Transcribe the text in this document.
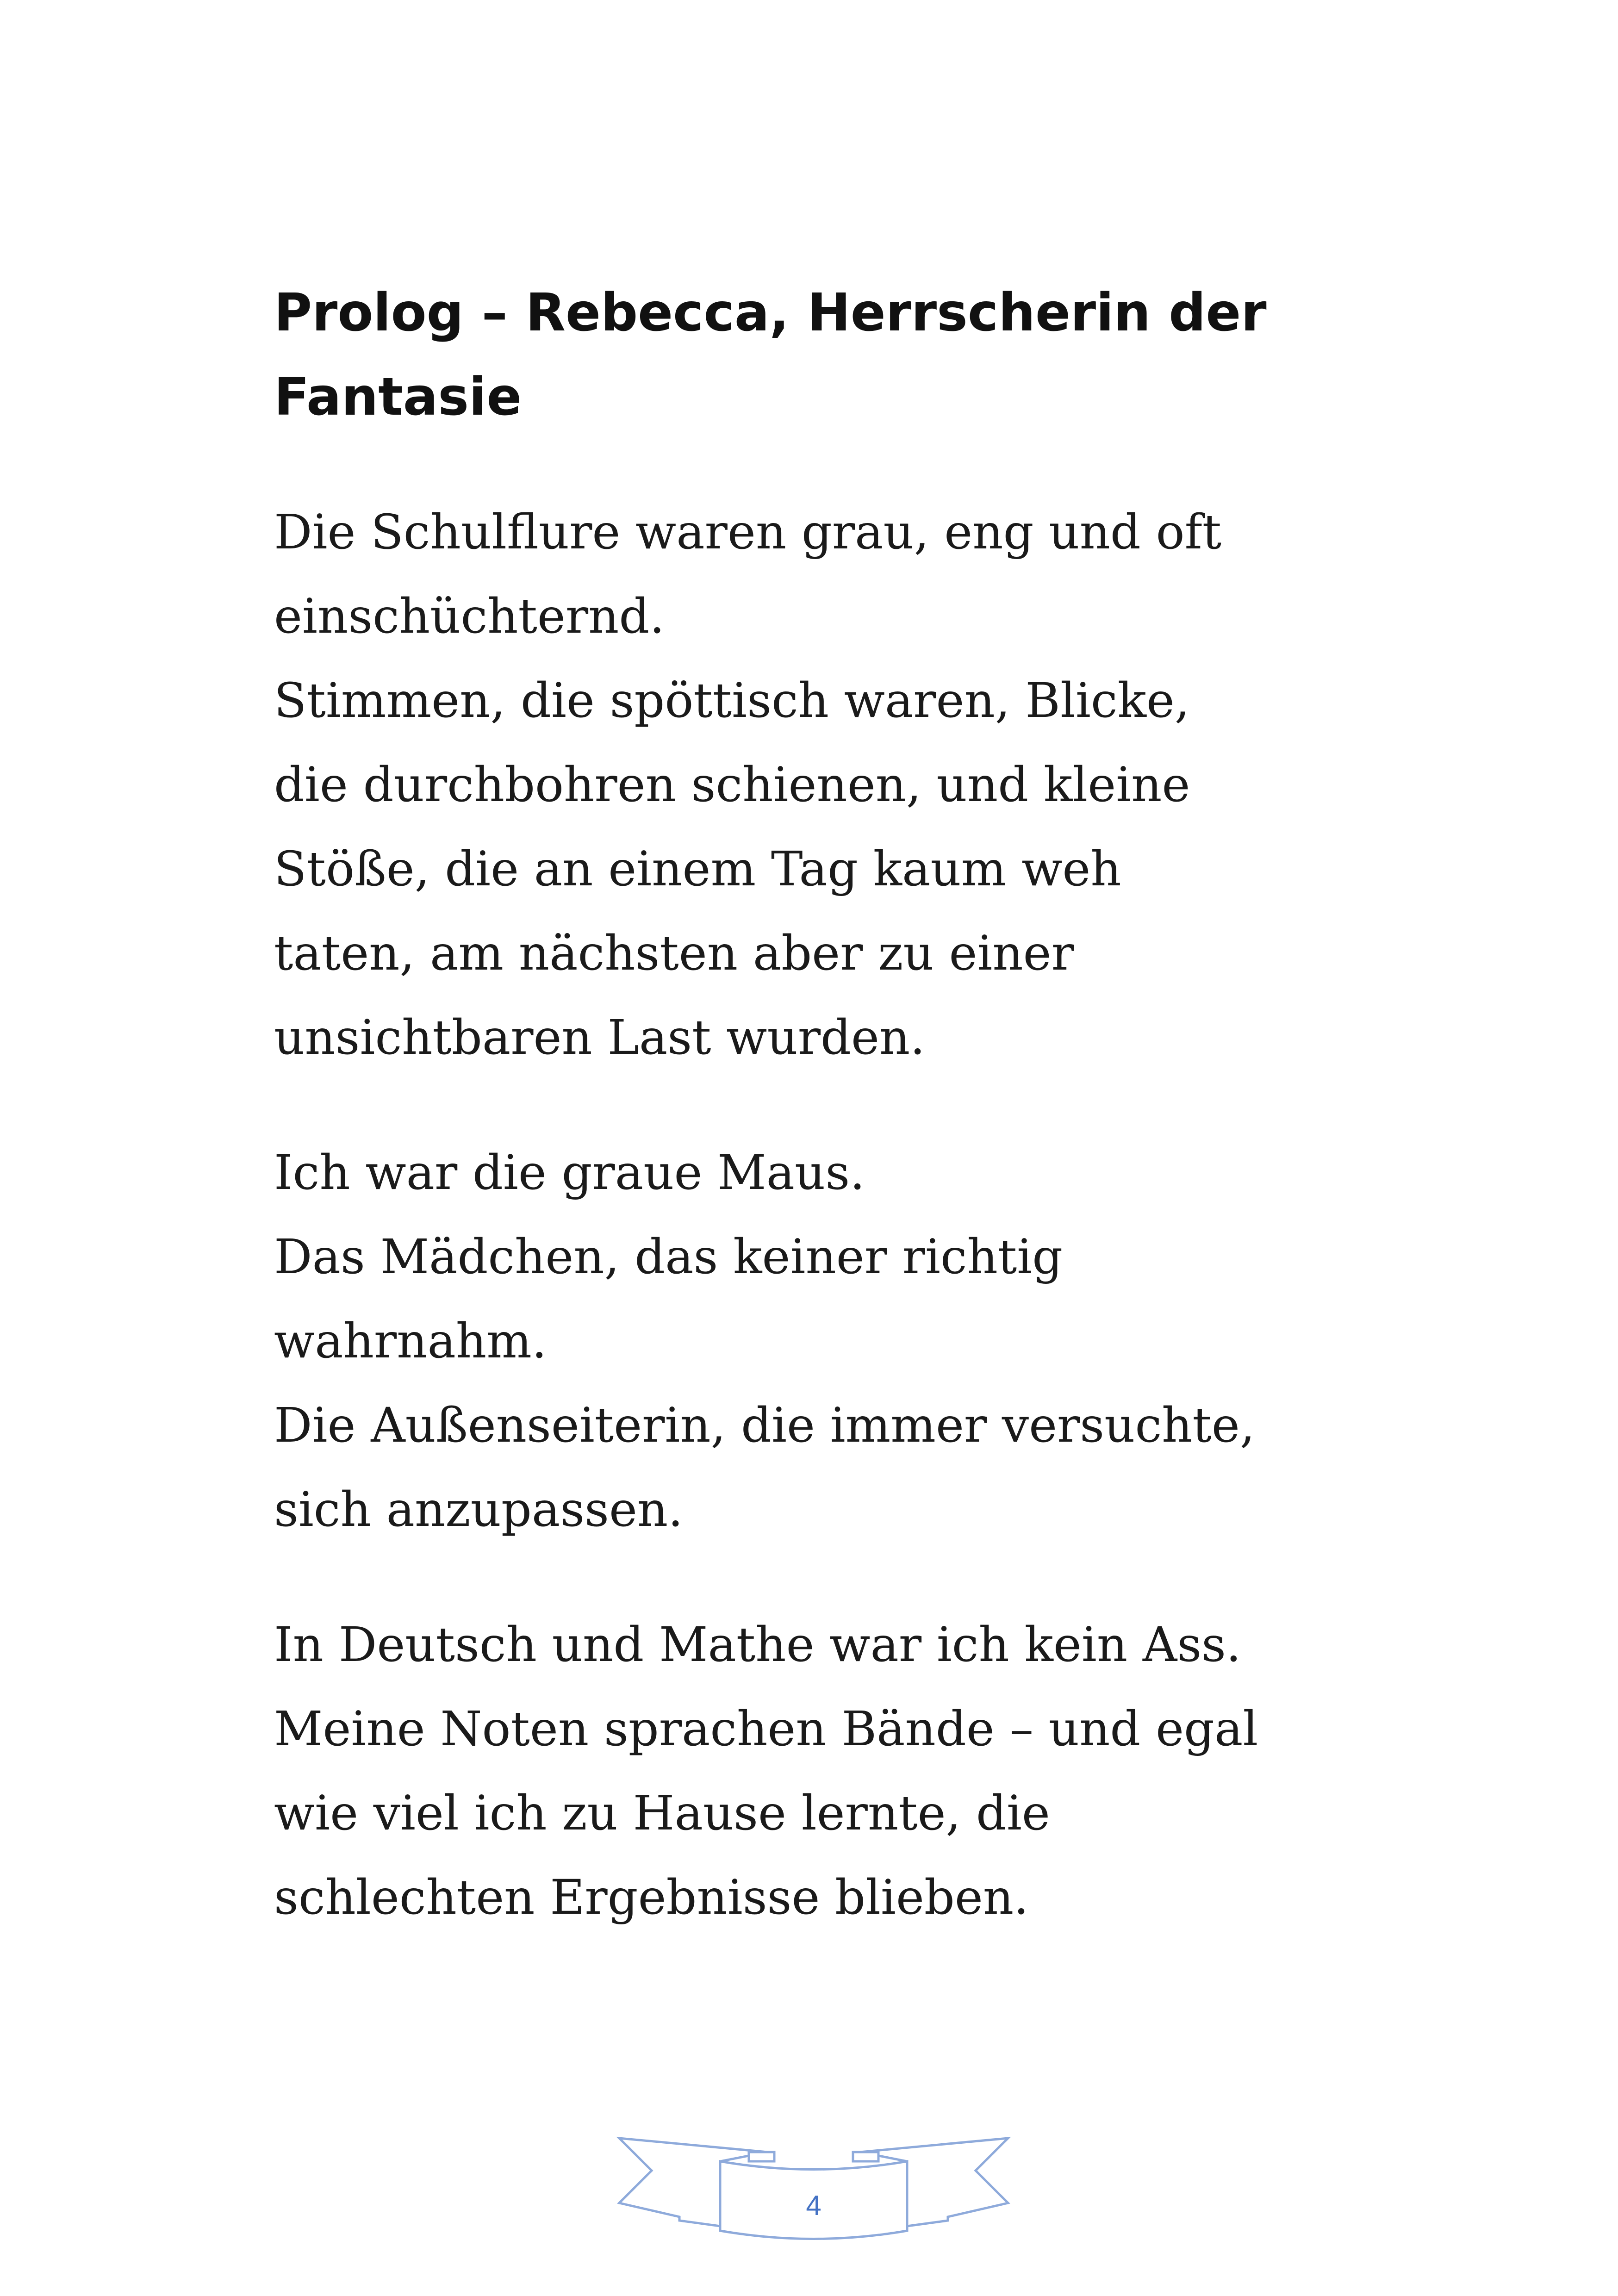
Prolog – Rebecca, Herrscherin der
Fantasie
Die Schulflure waren grau, eng und oft
einschüchternd.
Stimmen, die spöttisch waren, Blicke,
die durchbohren schienen, und kleine
Stöße, die an einem Tag kaum weh
taten, am nächsten aber zu einer
unsichtbaren Last wurden.
Ich war die graue Maus.
Das Mädchen, das keiner richtig
wahrnahm.
Die Außenseiterin, die immer versuchte,
sich anzupassen.
In Deutsch und Mathe war ich kein Ass.
Meine Noten sprachen Bände – und egal
wie viel ich zu Hause lernte, die
schlechten Ergebnisse blieben.
4
